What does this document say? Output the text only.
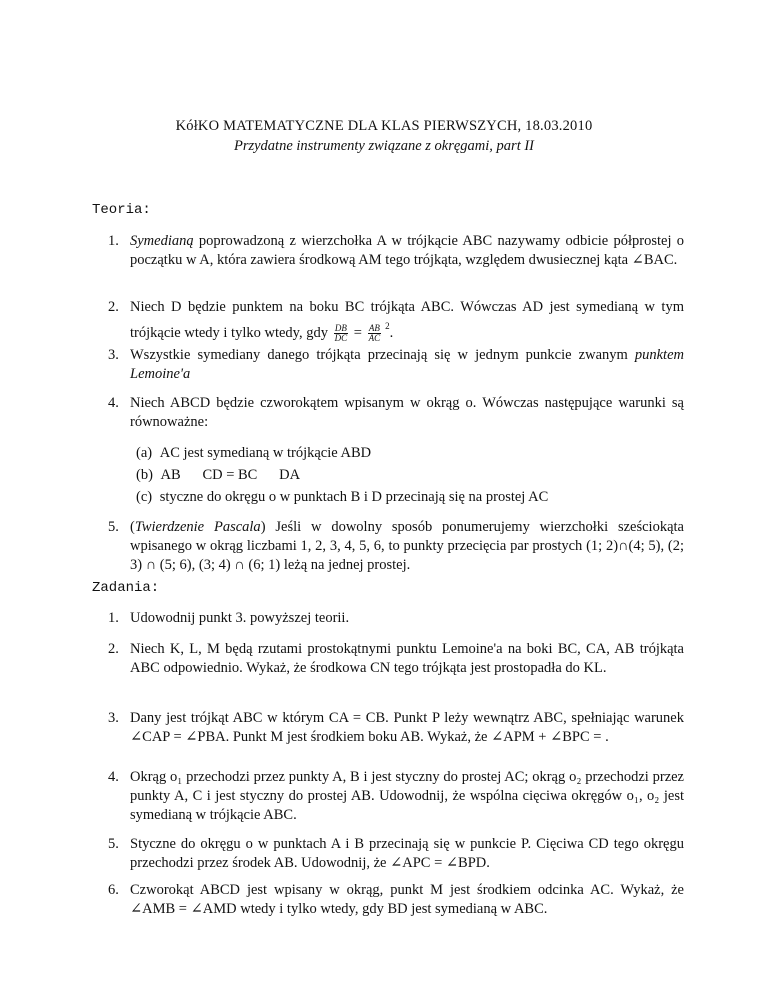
KółKO MATEMATYCZNE DLA KLAS PIERWSZYCH, 18.03.2010
Przydatne instrumenty związane z okręgami, part II
Teoria:
1. Symedianą poprowadzoną z wierzchołka A w trójkącie ABC nazywamy odbicie półprostej o początku w A, która zawiera środkową AM tego trójkąta, względem dwusiecznej kąta ∠BAC.
2. Niech D będzie punktem na boku BC trójkąta ABC. Wówczas AD jest symedianą w tym trójkącie wtedy i tylko wtedy, gdy $\frac{DB}{DC} = \frac{AB}{AC} ^2$.
3. Wszystkie symediany danego trójkąta przecinają się w jednym punkcie zwanym punktem Lemoine'a
4. Niech ABCD będzie czworokątem wpisanym w okrąg o. Wówczas następujące warunki są równoważne:
(a) AC jest symedianą w trójkącie ABD
(b) AB      CD = BC      DA
(c) styczne do okręgu o w punktach B i D przecinają się na prostej AC
5. (Twierdzenie Pascala) Jeśli w dowolny sposób ponumerujemy wierzchołki sześciokąta wpisanego w okrąg liczbami 1, 2, 3, 4, 5, 6, to punkty przecięcia par prostych (1; 2)∩(4; 5), (2; 3) ∩ (5; 6), (3; 4) ∩ (6; 1) leżą na jednej prostej.
Zadania:
1. Udowodnij punkt 3. powyższej teorii.
2. Niech K, L, M będą rzutami prostokątnymi punktu Lemoine'a na boki BC, CA, AB trójkąta ABC odpowiednio. Wykaż, że środkowa CN tego trójkąta jest prostopadła do KL.
3. Dany jest trójkąt ABC w którym CA = CB. Punkt P leży wewnątrz ABC, spełniając warunek ∠CAP = ∠PBA. Punkt M jest środkiem boku AB. Wykaż, że ∠APM + ∠BPC = .
4. Okrąg o₁ przechodzi przez punkty A, B i jest styczny do prostej AC; okrąg o₂ przechodzi przez punkty A, C i jest styczny do prostej AB. Udowodnij, że wspólna cięciwa okręgów o₁, o₂ jest symedianą w trójkącie ABC.
5. Styczne do okręgu o w punktach A i B przecinają się w punkcie P. Cięciwa CD tego okręgu przechodzi przez środek AB. Udowodnij, że ∠APC = ∠BPD.
6. Czworokąt ABCD jest wpisany w okrąg, punkt M jest środkiem odcinka AC. Wykaż, że ∠AMB = ∠AMD wtedy i tylko wtedy, gdy BD jest symedianą w ABC.
